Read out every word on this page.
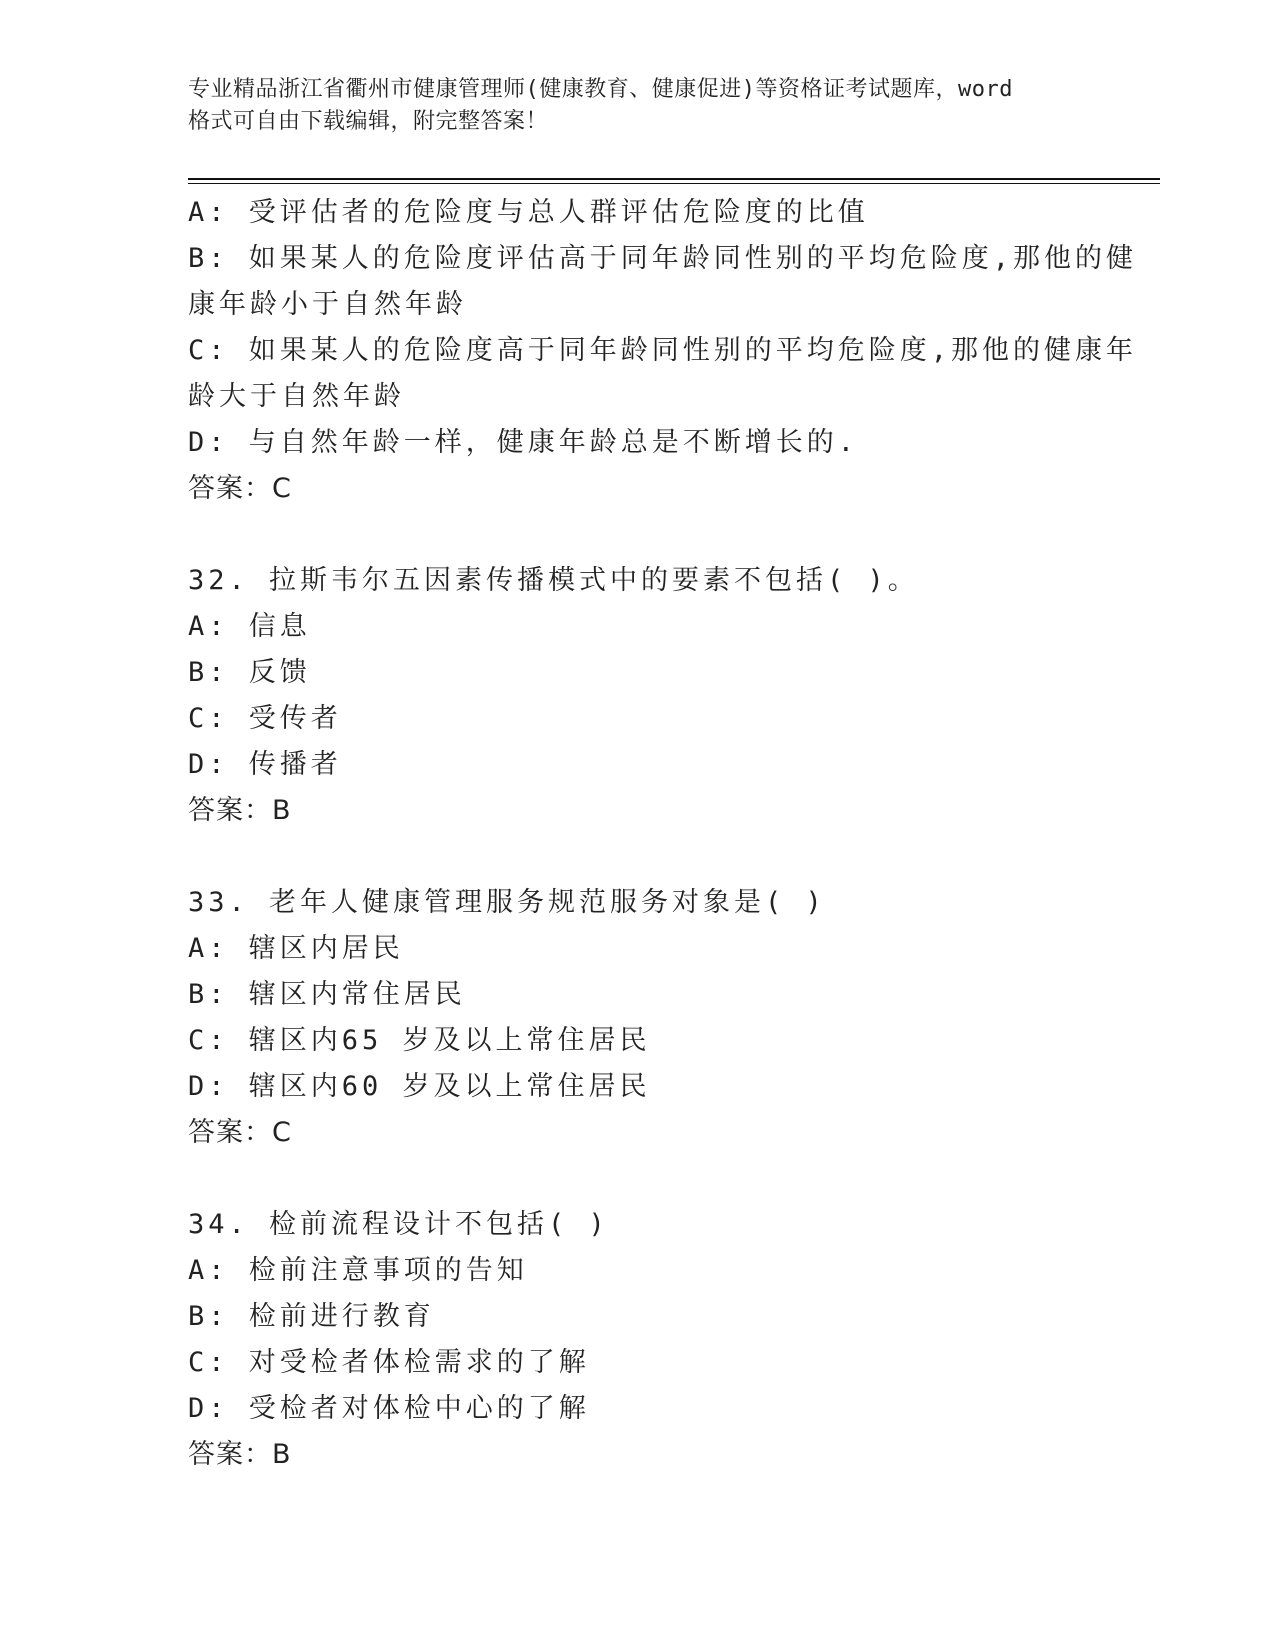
专业精品浙江省衢州市健康管理师(健康教育、健康促进)等资格证考试题库，word
格式可自由下载编辑，附完整答案！
A: 受评估者的危险度与总人群评估危险度的比值
B: 如果某人的危险度评估高于同年龄同性别的平均危险度,那他的健
康年龄小于自然年龄
C: 如果某人的危险度高于同年龄同性别的平均危险度,那他的健康年
龄大于自然年龄
D: 与自然年龄一样，健康年龄总是不断增长的.
答案：C
32. 拉斯韦尔五因素传播模式中的要素不包括( )。
A: 信息
B: 反馈
C: 受传者
D: 传播者
答案：B
33. 老年人健康管理服务规范服务对象是( )
A: 辖区内居民
B: 辖区内常住居民
C: 辖区内65 岁及以上常住居民
D: 辖区内60 岁及以上常住居民
答案：C
34. 检前流程设计不包括( )
A: 检前注意事项的告知
B: 检前进行教育
C: 对受检者体检需求的了解
D: 受检者对体检中心的了解
答案：B
